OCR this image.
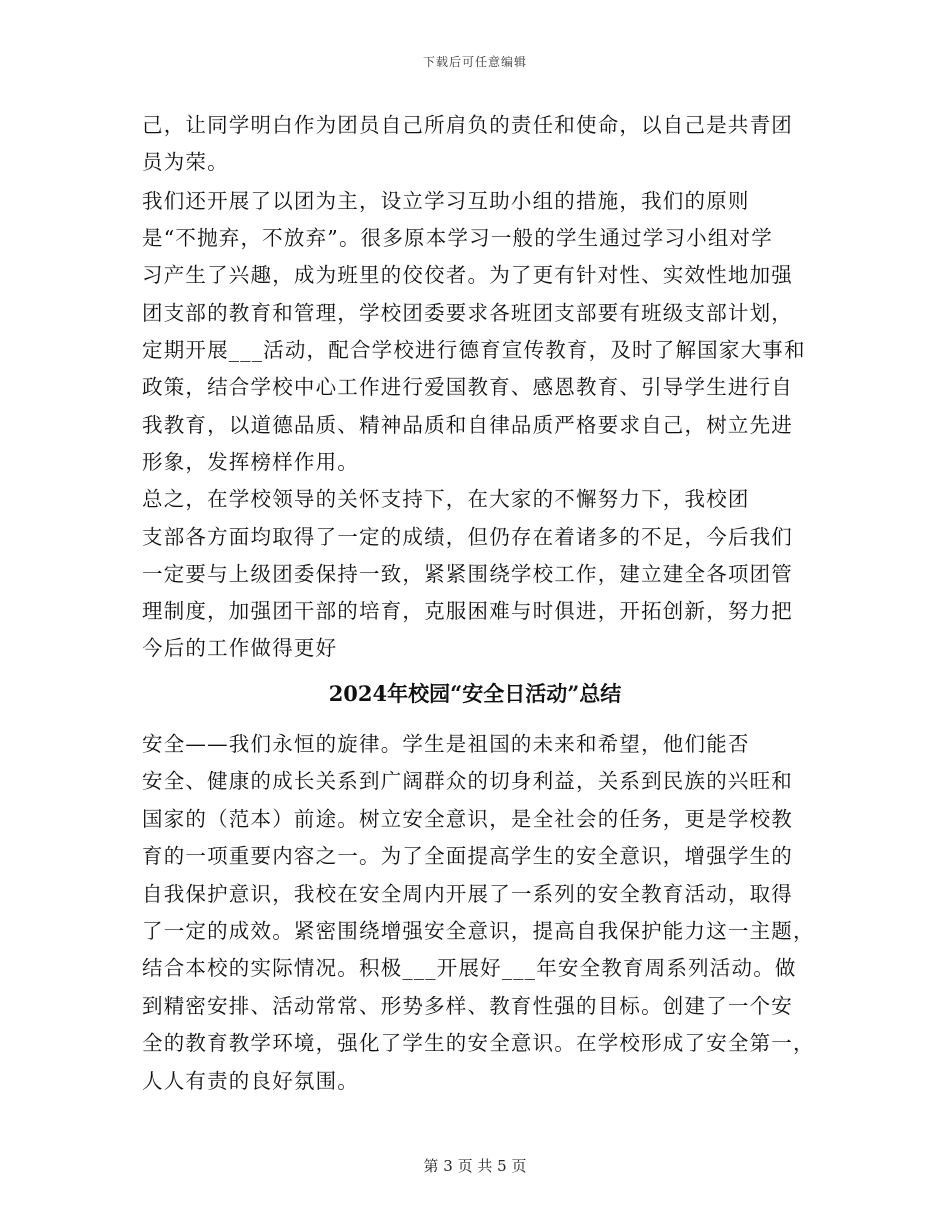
下载后可任意编辑
己，让同学明白作为团员自己所肩负的责任和使命，以自己是共青团
员为荣。
我们还开展了以团为主，设立学习互助小组的措施，我们的原则
是“不抛弃，不放弃”。很多原本学习一般的学生通过学习小组对学
习产生了兴趣，成为班里的佼佼者。为了更有针对性、实效性地加强
团支部的教育和管理，学校团委要求各班团支部要有班级支部计划，
定期开展___活动，配合学校进行德育宣传教育，及时了解国家大事和
政策，结合学校中心工作进行爱国教育、感恩教育、引导学生进行自
我教育，以道德品质、精神品质和自律品质严格要求自己，树立先进
形象，发挥榜样作用。
总之，在学校领导的关怀支持下，在大家的不懈努力下，我校团
支部各方面均取得了一定的成绩，但仍存在着诸多的不足，今后我们
一定要与上级团委保持一致，紧紧围绕学校工作，建立建全各项团管
理制度，加强团干部的培育，克服困难与时俱进，开拓创新，努力把
今后的工作做得更好
2024年校园“安全日活动”总结
安全——我们永恒的旋律。学生是祖国的未来和希望，他们能否
安全、健康的成长关系到广阔群众的切身利益，关系到民族的兴旺和
国家的（范本）前途。树立安全意识，是全社会的任务，更是学校教
育的一项重要内容之一。为了全面提高学生的安全意识，增强学生的
自我保护意识，我校在安全周内开展了一系列的安全教育活动，取得
了一定的成效。紧密围绕增强安全意识，提高自我保护能力这一主题，
结合本校的实际情况。积极___开展好___年安全教育周系列活动。做
到精密安排、活动常常、形势多样、教育性强的目标。创建了一个安
全的教育教学环境，强化了学生的安全意识。在学校形成了安全第一，
人人有责的良好氛围。
第 3 页 共 5 页
